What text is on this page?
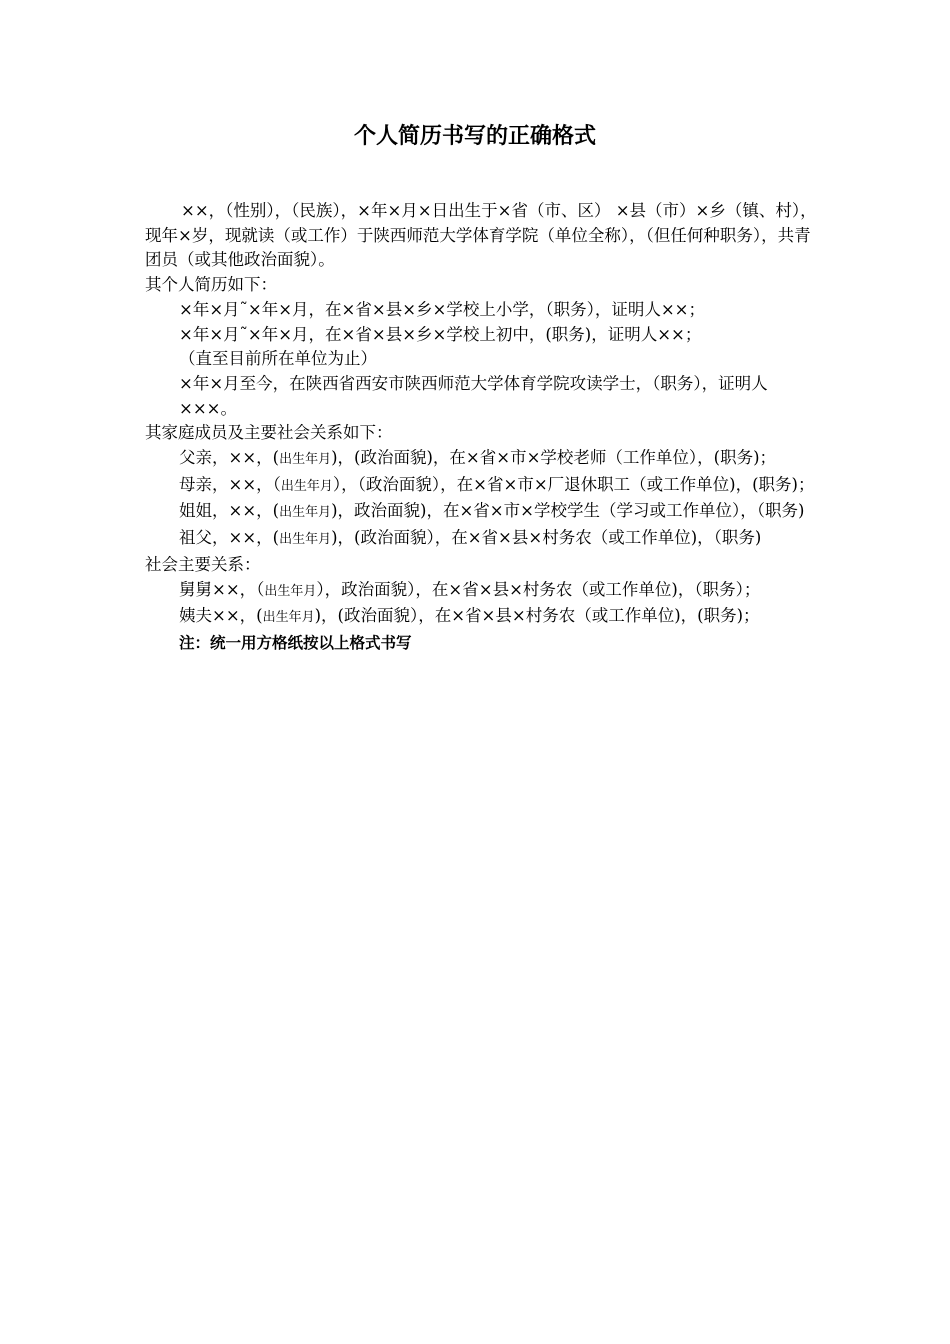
个人简历书写的正确格式

××，（性别），（民族），×年×月×日出生于×省（市、区） ×县（市）×乡（镇、村），现年×岁，现就读（或工作）于陕西师范大学体育学院（单位全称），（但任何种职务），共青团员（或其他政治面貌）。

其个人简历如下：

×年×月˜×年×月，在×省×县×乡×学校上小学，（职务），证明人××；

×年×月˜×年×月，在×省×县×乡×学校上初中，(职务)，证明人××；

（直至目前所在单位为止）

×年×月至今，在陕西省西安市陕西师范大学体育学院攻读学士，（职务），证明人×××。

其家庭成员及主要社会关系如下：

父亲，××，(出生年月)，(政治面貌)，在×省×市×学校老师（工作单位），(职务)；

母亲，××，（出生年月），（政治面貌），在×省×市×厂退休职工（或工作单位)，(职务)；

姐姐，××，(出生年月)，政治面貌)，在×省×市×学校学生（学习或工作单位），（职务)

祖父，××，(出生年月)，(政治面貌），在×省×县×村务农（或工作单位)，（职务)

社会主要关系：

舅舅××，（出生年月），政治面貌），在×省×县×村务农（或工作单位)，（职务）；

姨夫××，(出生年月)，(政治面貌），在×省×县×村务农（或工作单位)，(职务)；

注：统一用方格纸按以上格式书写
